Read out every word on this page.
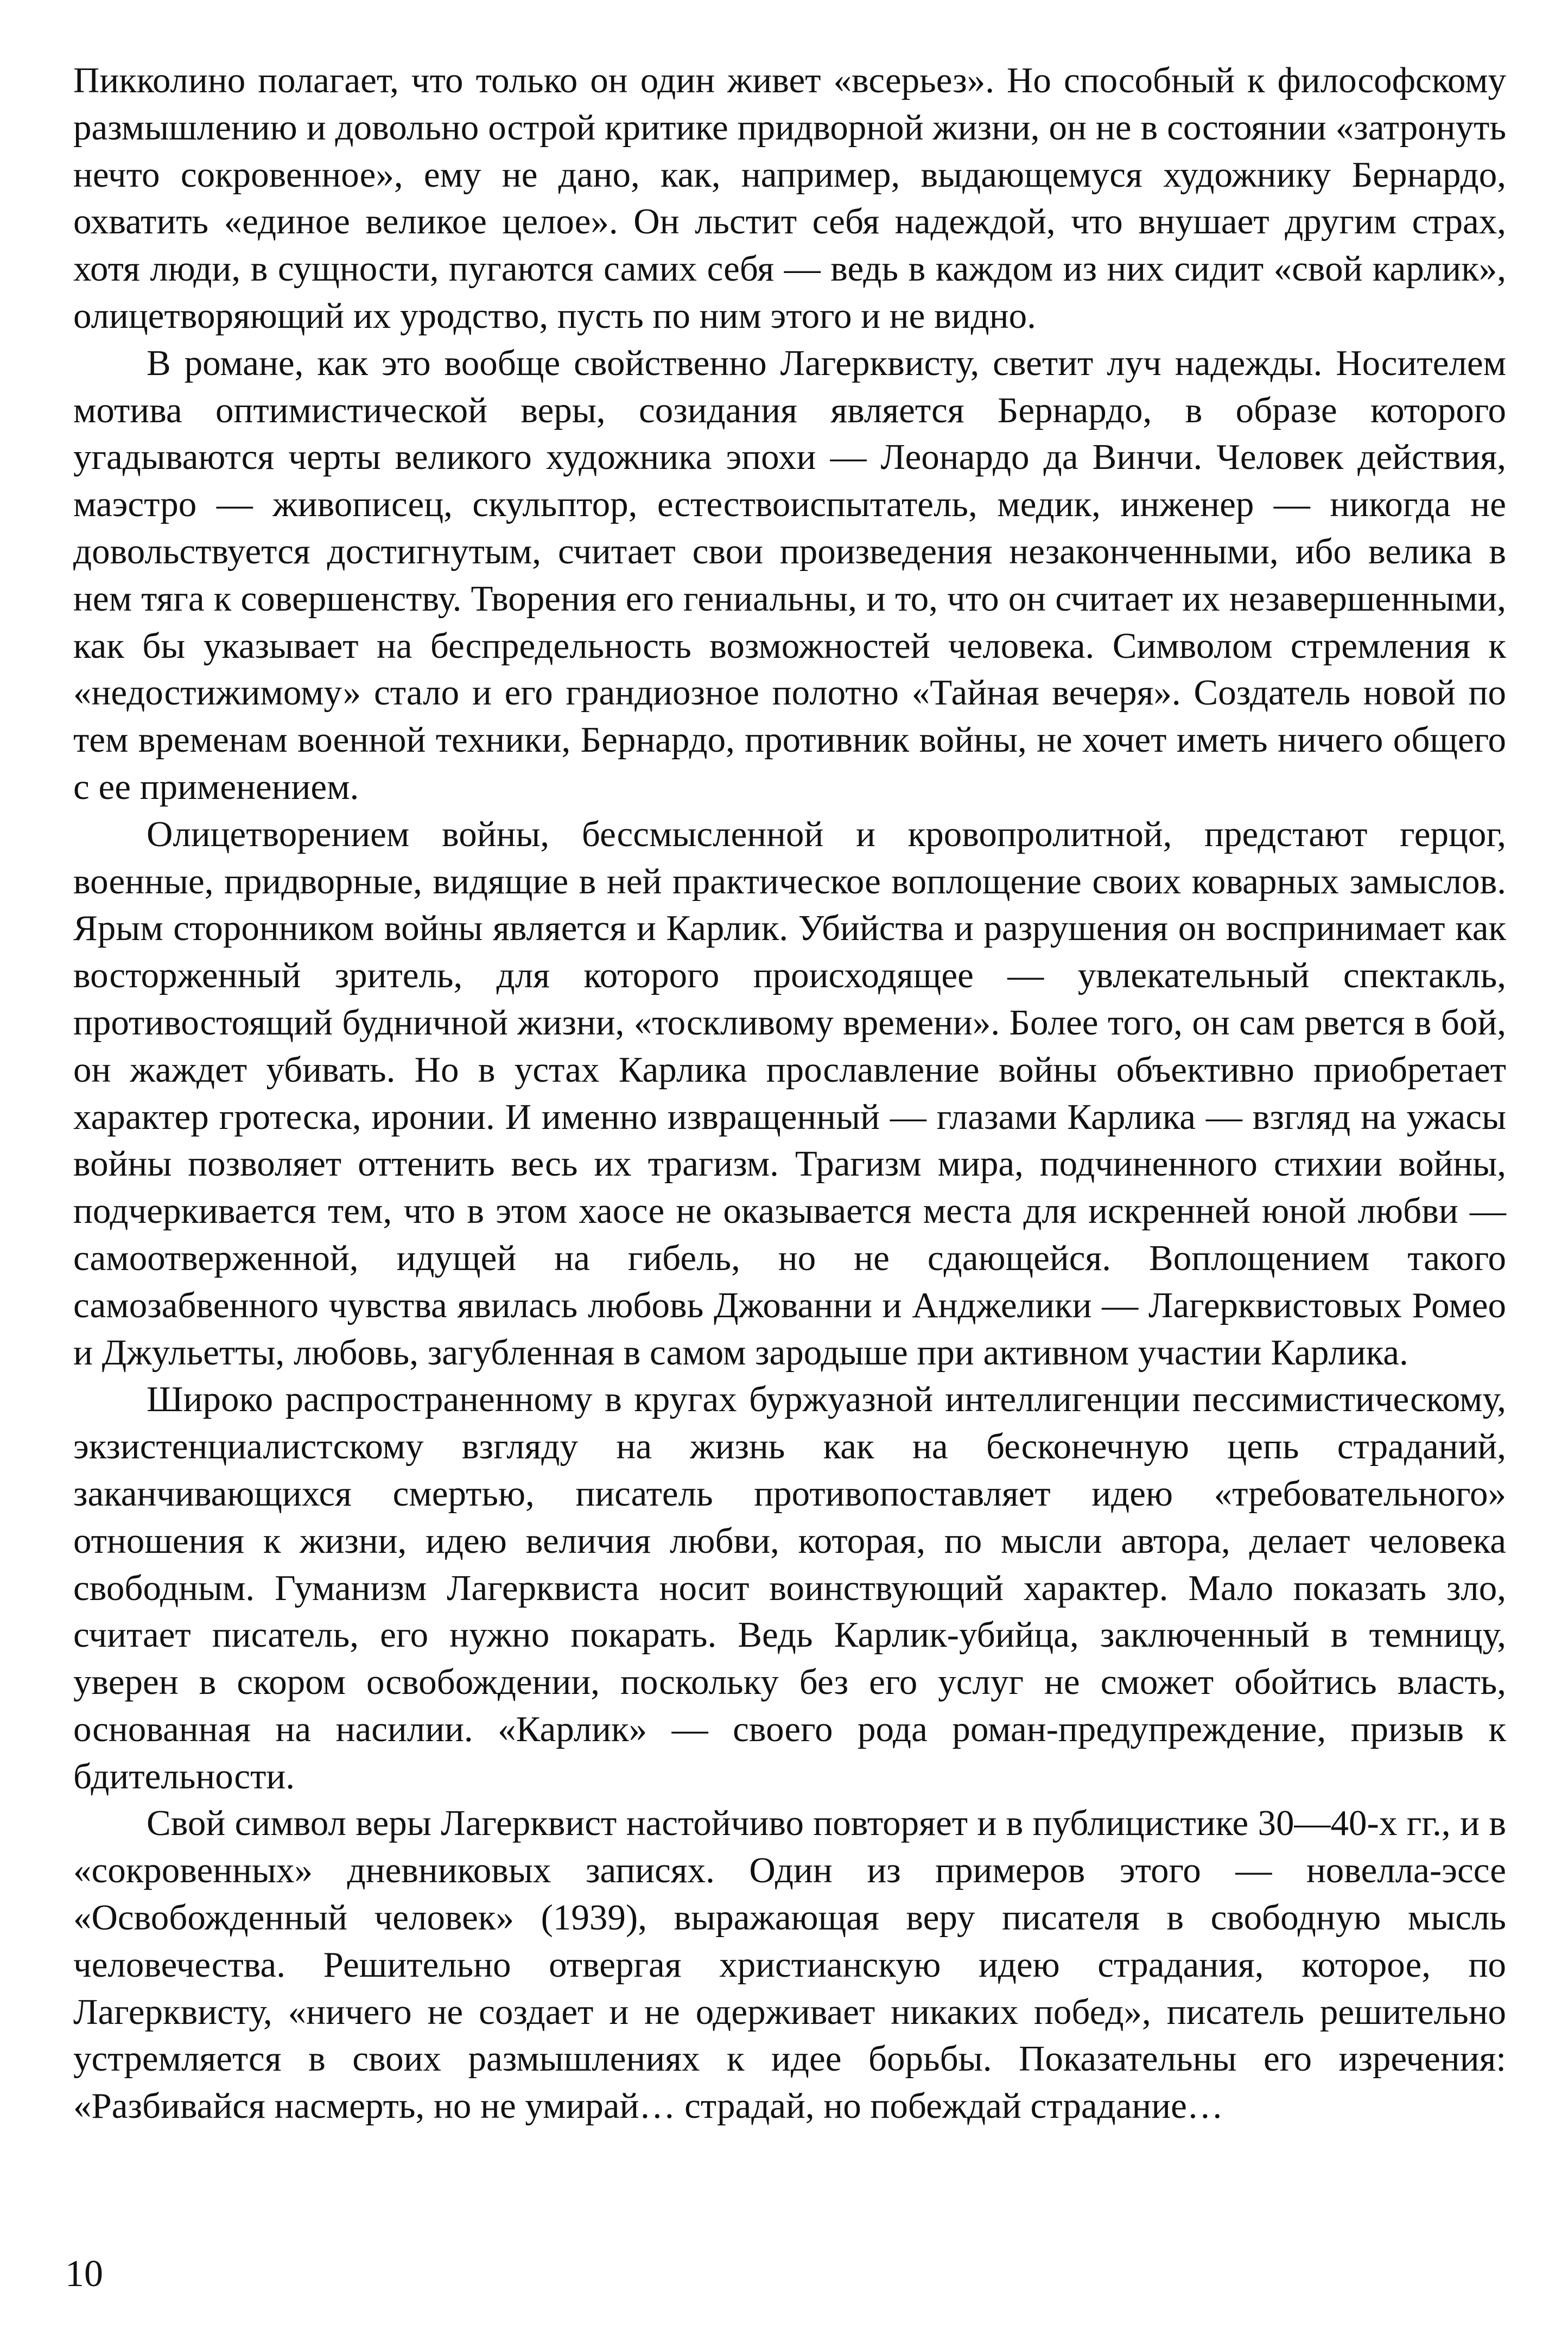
Пикколино полагает, что только он один живет «всерьез». Но способный к философскому размышлению и довольно острой критике придворной жизни, он не в состоянии «затронуть нечто сокровенное», ему не дано, как, например, выдающемуся художнику Бернардо, охватить «единое великое целое». Он льстит себя надеждой, что внушает другим страх, хотя люди, в сущности, пугаются самих себя — ведь в каждом из них сидит «свой карлик», олицетворяющий их уродство, пусть по ним этого и не видно.

В романе, как это вообще свойственно Лагерквисту, светит луч надежды. Носителем мотива оптимистической веры, созидания является Бернардо, в образе которого угадываются черты великого художника эпохи — Леонардо да Винчи. Человек действия, маэстро — живописец, скульптор, естествоиспытатель, медик, инженер — никогда не довольствуется достигнутым, считает свои произведения незаконченными, ибо велика в нем тяга к совершенству. Творения его гениальны, и то, что он считает их незавершенными, как бы указывает на беспредельность возможностей человека. Символом стремления к «недостижимому» стало и его грандиозное полотно «Тайная вечеря». Создатель новой по тем временам военной техники, Бернардо, противник войны, не хочет иметь ничего общего с ее применением.

Олицетворением войны, бессмысленной и кровопролитной, предстают герцог, военные, придворные, видящие в ней практическое воплощение своих коварных замыслов. Ярым сторонником войны является и Карлик. Убийства и разрушения он воспринимает как восторженный зритель, для которого происходящее — увлекательный спектакль, противостоящий будничной жизни, «тоскливому времени». Более того, он сам рвется в бой, он жаждет убивать. Но в устах Карлика прославление войны объективно приобретает характер гротеска, иронии. И именно извращенный — глазами Карлика — взгляд на ужасы войны позволяет оттенить весь их трагизм. Трагизм мира, подчиненного стихии войны, подчеркивается тем, что в этом хаосе не оказывается места для искренней юной любви — самоотверженной, идущей на гибель, но не сдающейся. Воплощением такого самозабвенного чувства явилась любовь Джованни и Анджелики — Лагерквистовых Ромео и Джульетты, любовь, загубленная в самом зародыше при активном участии Карлика.

Широко распространенному в кругах буржуазной интеллигенции пессимистическому, экзистенциалистскому взгляду на жизнь как на бесконечную цепь страданий, заканчивающихся смертью, писатель противопоставляет идею «требовательного» отношения к жизни, идею величия любви, которая, по мысли автора, делает человека свободным. Гуманизм Лагерквиста носит воинствующий характер. Мало показать зло, считает писатель, его нужно покарать. Ведь Карлик-убийца, заключенный в темницу, уверен в скором освобождении, поскольку без его услуг не сможет обойтись власть, основанная на насилии. «Карлик» — своего рода роман-предупреждение, призыв к бдительности.

Свой символ веры Лагерквист настойчиво повторяет и в публицистике 30—40-х гг., и в «сокровенных» дневниковых записях. Один из примеров этого — новелла-эссе «Освобожденный человек» (1939), выражающая веру писателя в свободную мысль человечества. Решительно отвергая христианскую идею страдания, которое, по Лагерквисту, «ничего не создает и не одерживает никаких побед», писатель решительно устремляется в своих размышлениях к идее борьбы. Показательны его изречения: «Разбивайся насмерть, но не умирай… страдай, но побеждай страдание…

10
